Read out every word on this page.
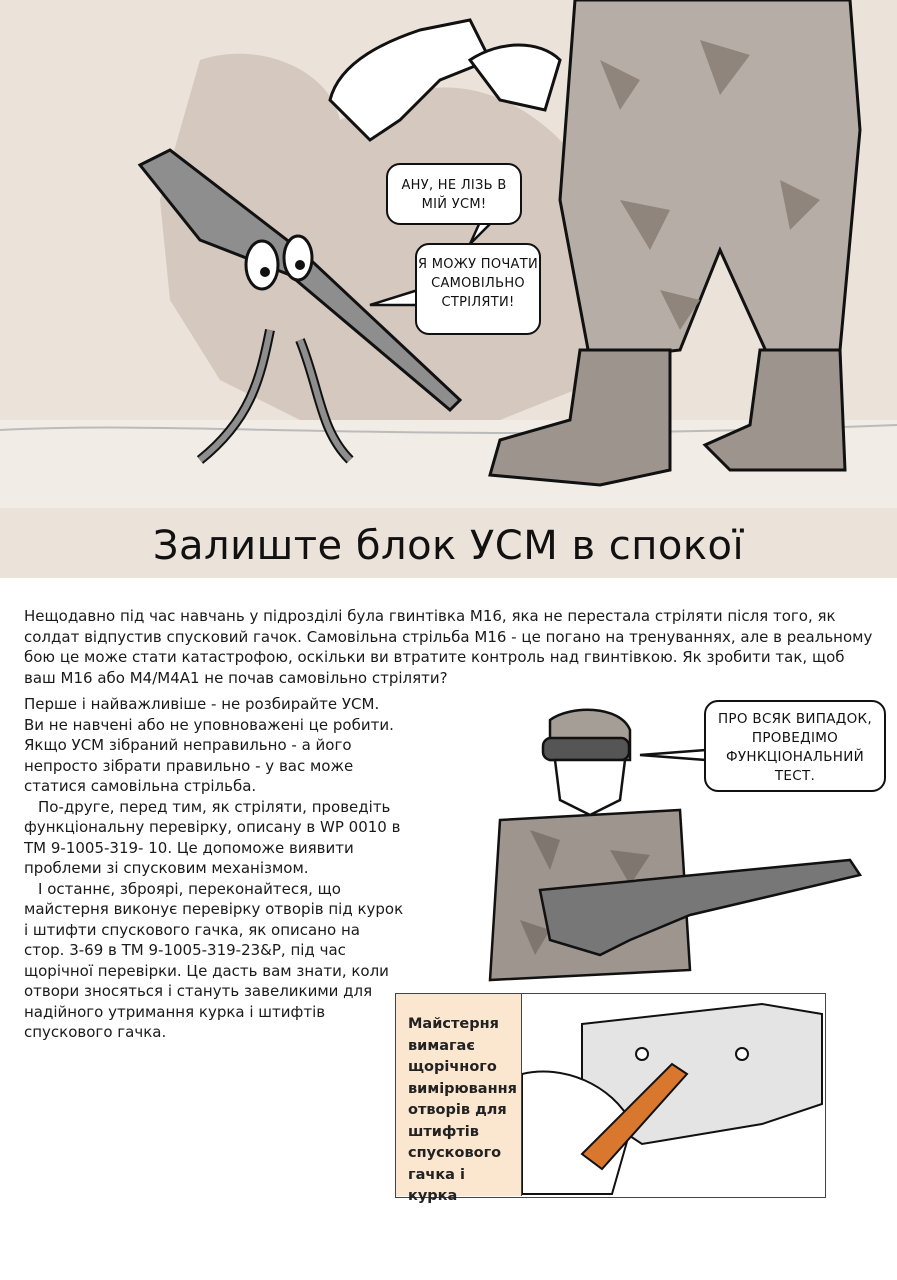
АНУ, НЕ ЛІЗЬ В МІЙ УСМ!
Я МОЖУ ПОЧАТИ САМОВІЛЬНО СТРІЛЯТИ!
Залиште блок УСМ в спокої

Нещодавно під час навчань у підрозділі була гвинтівка М16, яка не перестала стріляти після того, як солдат відпустив спусковий гачок. Самовільна стрільба М16 - це погано на тренуваннях, але в реальному бою це може стати катастрофою, оскільки ви втратите контроль над гвинтівкою. Як зробити так, щоб ваш М16 або М4/М4А1 не почав самовільно стріляти?

Перше і найважливіше - не розбирайте УСМ. Ви не навчені або не уповноважені це робити. Якщо УСМ зібраний неправильно - а його непросто зібрати правильно - у вас може статися самовільна стрільба.

По-друге, перед тим, як стріляти, проведіть функціональну перевірку, описану в WP 0010 в ТМ 9-1005-319- 10. Це допоможе виявити проблеми зі спусковим механізмом.

І останнє, зброярі, переконайтеся, що майстерня виконує перевірку отворів під курок і штифти спускового гачка, як описано на стор. 3-69 в ТМ 9-1005-319-23&P, під час щорічної перевірки. Це дасть вам знати, коли отвори зносяться і стануть завеликими для надійного утримання курка і штифтів спускового гачка.

ПРО ВСЯК ВИПАДОК, ПРОВЕДІМО ФУНКЦІОНАЛЬНИЙ ТЕСТ.
Майстерня вимагає щорічного вимірювання отворів для штифтів спускового гачка і курка
